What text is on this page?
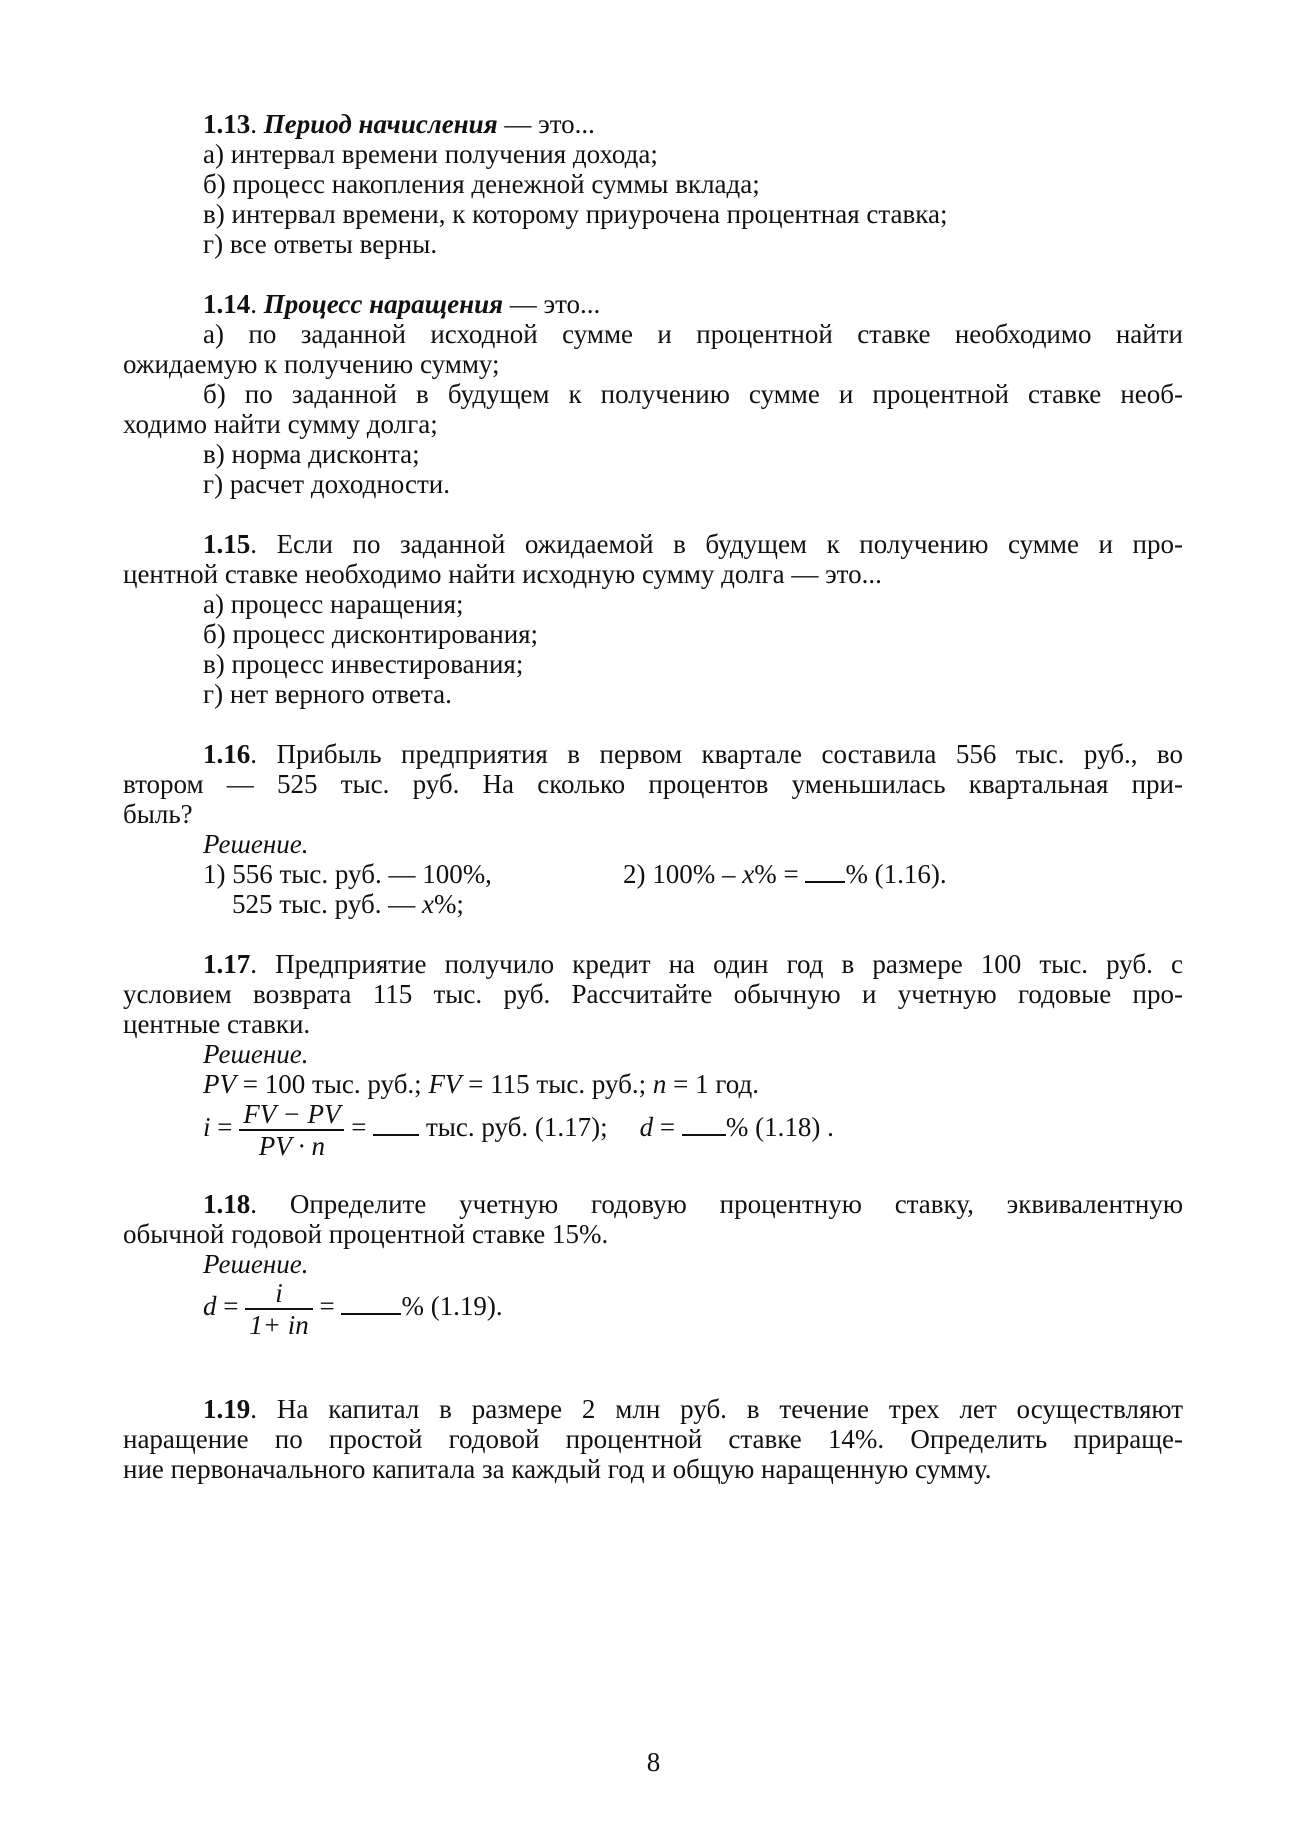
1.13. Период начисления — это...
а) интервал времени получения дохода;
б) процесс накопления денежной суммы вклада;
в) интервал времени, к которому приурочена процентная ставка;
г) все ответы верны.
1.14. Процесс наращения — это...
а) по заданной исходной сумме и процентной ставке необходимо найти
ожидаемую к получению сумму;
б) по заданной в будущем к получению сумме и процентной ставке необ-
ходимо найти сумму долга;
в) норма дисконта;
г) расчет доходности.
1.15. Если по заданной ожидаемой в будущем к получению сумме и про-
центной ставке необходимо найти исходную сумму долга — это...
а) процесс наращения;
б) процесс дисконтирования;
в) процесс инвестирования;
г) нет верного ответа.
1.16. Прибыль предприятия в первом квартале составила 556 тыс. руб., во
втором — 525 тыс. руб. На сколько процентов уменьшилась квартальная при-
быль?
Решение.
1) 556 тыс. руб. — 100%,	2) 100% – x% = % (1.16).
525 тыс. руб. — x%;
1.17. Предприятие получило кредит на один год в размере 100 тыс. руб. с
условием возврата 115 тыс. руб. Рассчитайте обычную и учетную годовые про-
центные ставки.
Решение.
PV = 100 тыс. руб.; FV = 115 тыс. руб.; n = 1 год.
$i = \frac{FV - PV}{PV \cdot n}$ =  тыс. руб. (1.17); d = % (1.18) .
1.18. Определите учетную годовую процентную ставку, эквивалентную
обычной годовой процентной ставке 15%.
Решение.
$d = \frac{i}{1+ in}$ = % (1.19).
1.19. На капитал в размере 2 млн руб. в течение трех лет осуществляют
наращение по простой годовой процентной ставке 14%. Определить прираще-
ние первоначального капитала за каждый год и общую наращенную сумму.
8
